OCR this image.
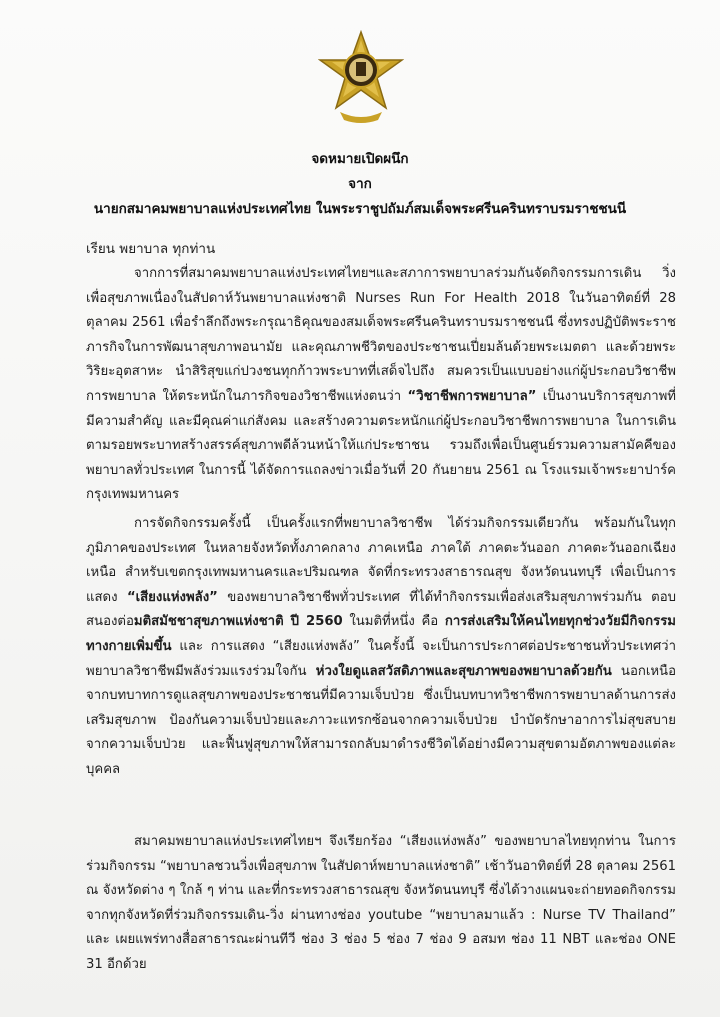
จดหมายเปิดผนึก
จาก
นายกสมาคมพยาบาลแห่งประเทศไทย ในพระราชูปถัมภ์สมเด็จพระศรีนครินทราบรมราชชนนี
เรียน พยาบาล ทุกท่าน

จากการที่สมาคมพยาบาลแห่งประเทศไทยฯและสภาการพยาบาลร่วมกันจัดกิจกรรมการเดิน วิ่ง เพื่อสุขภาพเนื่องในสัปดาห์วันพยาบาลแห่งชาติ Nurses Run For Health 2018 ในวันอาทิตย์ที่ 28 ตุลาคม 2561 เพื่อรำลึกถึงพระกรุณาธิคุณของสมเด็จพระศรีนครินทราบรมราชชนนี ซึ่งทรงปฏิบัติพระราชภารกิจในการพัฒนาสุขภาพอนามัย และคุณภาพชีวิตของประชาชนเปี่ยมล้นด้วยพระเมตตา และด้วยพระวิริยะอุตสาหะ นำสิริสุขแก่ปวงชนทุกก้าวพระบาทที่เสด็จไปถึง สมควรเป็นแบบอย่างแก่ผู้ประกอบวิชาชีพการพยาบาล ให้ตระหนักในภารกิจของวิชาชีพแห่งตนว่า “วิชาชีพการพยาบาล” เป็นงานบริการสุขภาพที่มีความสำคัญ และมีคุณค่าแก่สังคม และสร้างความตระหนักแก่ผู้ประกอบวิชาชีพการพยาบาล ในการเดินตามรอยพระบาทสร้างสรรค์สุขภาพดีล้วนหน้าให้แก่ประชาชน รวมถึงเพื่อเป็นศูนย์รวมความสามัคคีของพยาบาลทั่วประเทศ ในการนี้ ได้จัดการแถลงข่าวเมื่อวันที่ 20 กันยายน 2561 ณ โรงแรมเจ้าพระยาปาร์ค กรุงเทพมหานคร

การจัดกิจกรรมครั้งนี้ เป็นครั้งแรกที่พยาบาลวิชาชีพ ได้ร่วมกิจกรรมเดียวกัน พร้อมกันในทุกภูมิภาคของประเทศ ในหลายจังหวัดทั้งภาคกลาง ภาคเหนือ ภาคใต้ ภาคตะวันออก ภาคตะวันออกเฉียงเหนือ สำหรับเขตกรุงเทพมหานครและปริมณฑล จัดที่กระทรวงสาธารณสุข จังหวัดนนทบุรี เพื่อเป็นการแสดง “เสียงแห่งพลัง” ของพยาบาลวิชาชีพทั่วประเทศ ที่ได้ทำกิจกรรมเพื่อส่งเสริมสุขภาพร่วมกัน ตอบสนองต่อมติสมัชชาสุขภาพแห่งชาติ ปี 2560 ในมติที่หนึ่ง คือ การส่งเสริมให้คนไทยทุกช่วงวัยมีกิจกรรมทางกายเพิ่มขึ้น และ การแสดง “เสียงแห่งพลัง” ในครั้งนี้ จะเป็นการประกาศต่อประชาชนทั่วประเทศว่า พยาบาลวิชาชีพมีพลังร่วมแรงร่วมใจกัน ห่วงใยดูแลสวัสดิภาพและสุขภาพของพยาบาลด้วยกัน นอกเหนือจากบทบาทการดูแลสุขภาพของประชาชนที่มีความเจ็บป่วย ซึ่งเป็นบทบาทวิชาชีพการพยาบาลด้านการส่งเสริมสุขภาพ ป้องกันความเจ็บป่วยและภาวะแทรกซ้อนจากความเจ็บป่วย บำบัดรักษาอาการไม่สุขสบายจากความเจ็บป่วย และฟื้นฟูสุขภาพให้สามารถกลับมาดำรงชีวิตได้อย่างมีความสุขตามอัตภาพของแต่ละบุคคล

สมาคมพยาบาลแห่งประเทศไทยฯ จึงเรียกร้อง “เสียงแห่งพลัง” ของพยาบาลไทยทุกท่าน ในการร่วมกิจกรรม “พยาบาลชวนวิ่งเพื่อสุขภาพ ในสัปดาห์พยาบาลแห่งชาติ” เช้าวันอาทิตย์ที่ 28 ตุลาคม 2561 ณ จังหวัดต่าง ๆ ใกล้ ๆ ท่าน และที่กระทรวงสาธารณสุข จังหวัดนนทบุรี ซึ่งได้วางแผนจะถ่ายทอดกิจกรรมจากทุกจังหวัดที่ร่วมกิจกรรมเดิน-วิ่ง ผ่านทางช่อง youtube “พยาบาลมาแล้ว : Nurse TV Thailand” และ เผยแพร่ทางสื่อสาธารณะผ่านทีวี ช่อง 3 ช่อง 5 ช่อง 7 ช่อง 9 อสมท ช่อง 11 NBT และช่อง ONE 31 อีกด้วย
